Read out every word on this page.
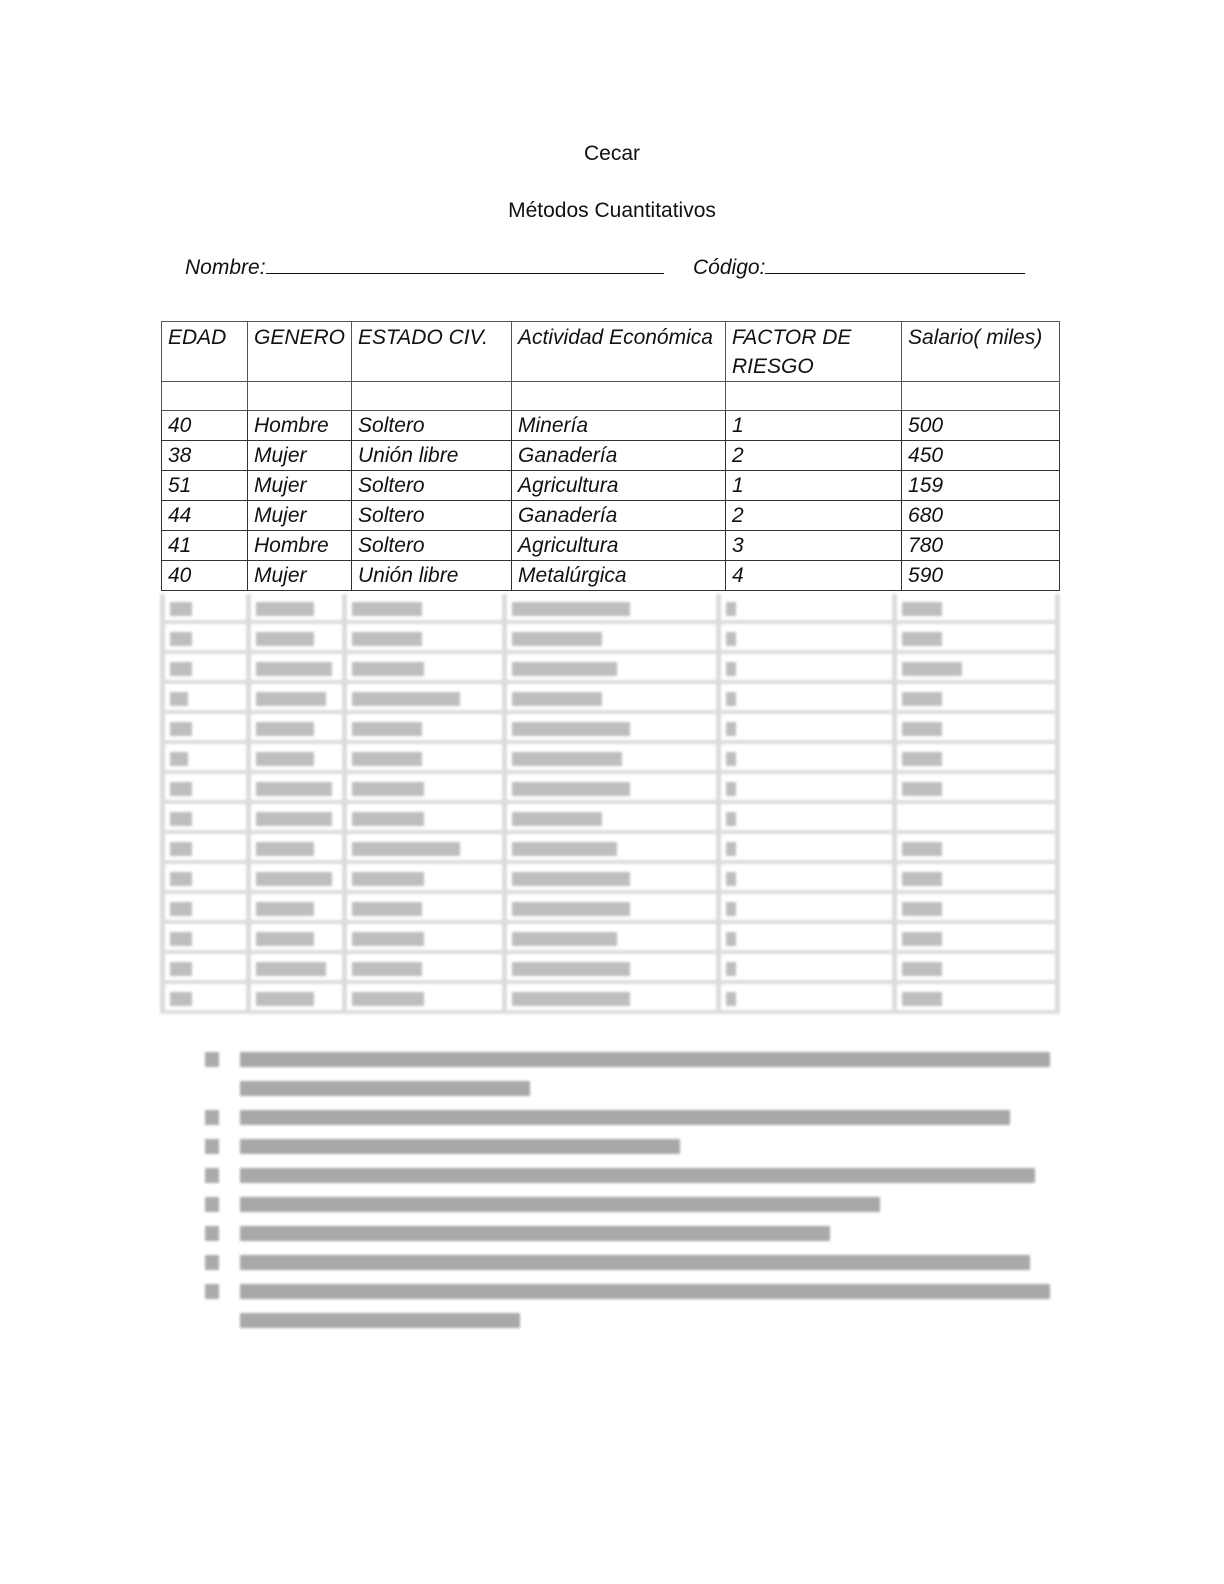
Cecar
Métodos Cuantitativos
Nombre:	Código:
EDAD	GENERO	ESTADO CIV.	Actividad Económica	FACTOR DE RIESGO	Salario( miles)

40	Hombre	Soltero	Minería	1	500
38	Mujer	Unión libre	Ganadería	2	450
51	Mujer	Soltero	Agricultura	1	159
44	Mujer	Soltero	Ganadería	2	680
41	Hombre	Soltero	Agricultura	3	780
40	Mujer	Unión libre	Metalúrgica	4	590
